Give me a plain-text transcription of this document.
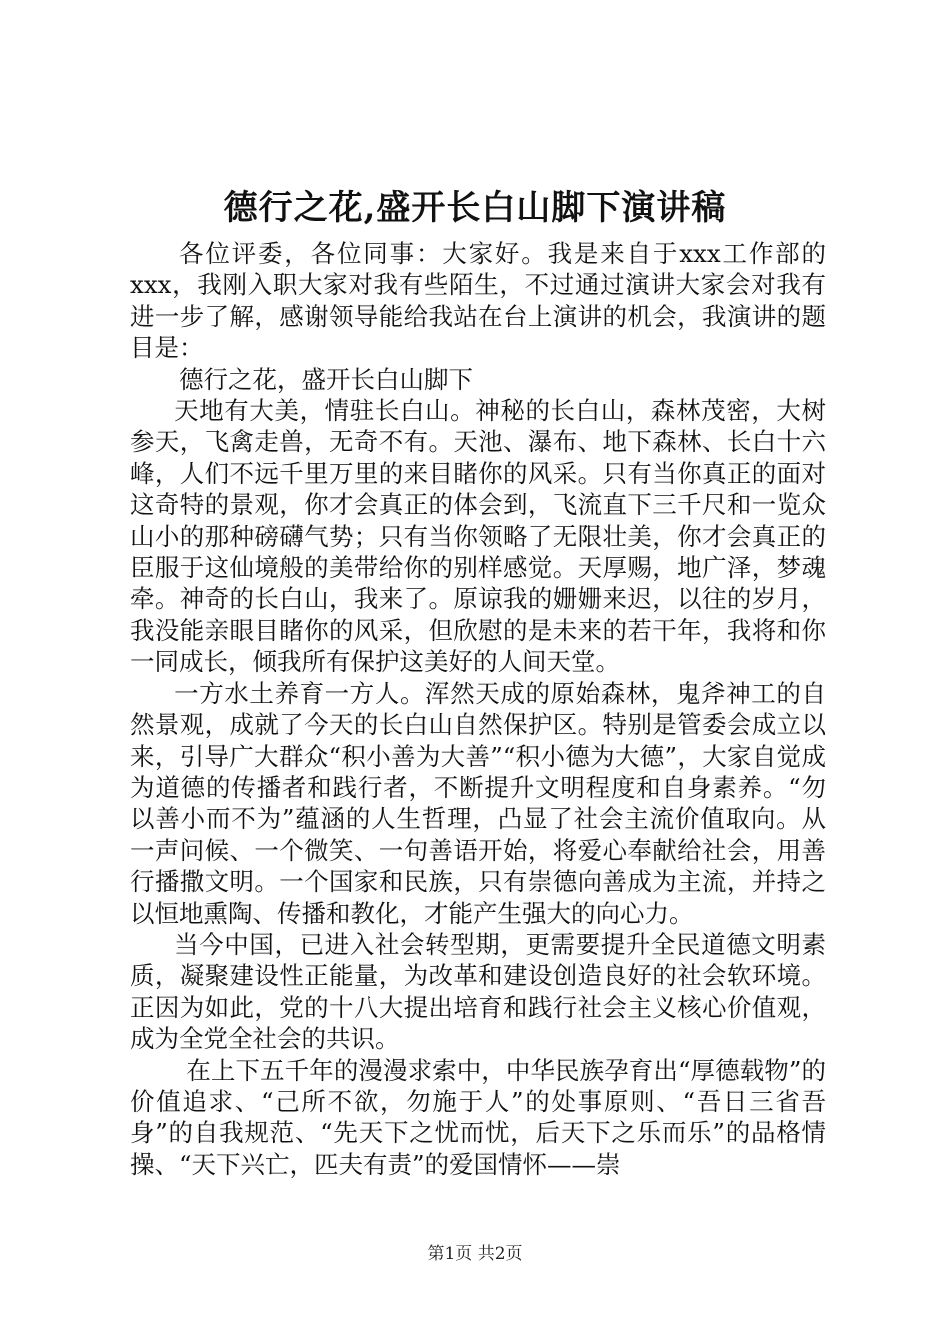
德行之花,盛开长白山脚下演讲稿

各位评委，各位同事：大家好。我是来自于xxx工作部的xxx，我刚入职大家对我有些陌生，不过通过演讲大家会对我有进一步了解，感谢领导能给我站在台上演讲的机会，我演讲的题目是：

德行之花，盛开长白山脚下

天地有大美，情驻长白山。神秘的长白山，森林茂密，大树参天，飞禽走兽，无奇不有。天池、瀑布、地下森林、长白十六峰，人们不远千里万里的来目睹你的风采。只有当你真正的面对这奇特的景观，你才会真正的体会到，飞流直下三千尺和一览众山小的那种磅礴气势；只有当你领略了无限壮美，你才会真正的臣服于这仙境般的美带给你的别样感觉。天厚赐，地广泽，梦魂牵。神奇的长白山，我来了。原谅我的姗姗来迟，以往的岁月，我没能亲眼目睹你的风采，但欣慰的是未来的若干年，我将和你一同成长，倾我所有保护这美好的人间天堂。

一方水土养育一方人。浑然天成的原始森林，鬼斧神工的自然景观，成就了今天的长白山自然保护区。特别是管委会成立以来，引导广大群众“积小善为大善”“积小德为大德”，大家自觉成为道德的传播者和践行者，不断提升文明程度和自身素养。“勿以善小而不为”蕴涵的人生哲理，凸显了社会主流价值取向。从一声问候、一个微笑、一句善语开始，将爱心奉献给社会，用善行播撒文明。一个国家和民族，只有崇德向善成为主流，并持之以恒地熏陶、传播和教化，才能产生强大的向心力。

当今中国，已进入社会转型期，更需要提升全民道德文明素质，凝聚建设性正能量，为改革和建设创造良好的社会软环境。正因为如此，党的十八大提出培育和践行社会主义核心价值观，成为全党全社会的共识。

在上下五千年的漫漫求索中，中华民族孕育出“厚德载物”的价值追求、“己所不欲，勿施于人”的处事原则、“吾日三省吾身”的自我规范、“先天下之忧而忧，后天下之乐而乐”的品格情操、“天下兴亡，匹夫有责”的爱国情怀——崇

第1页 共2页
